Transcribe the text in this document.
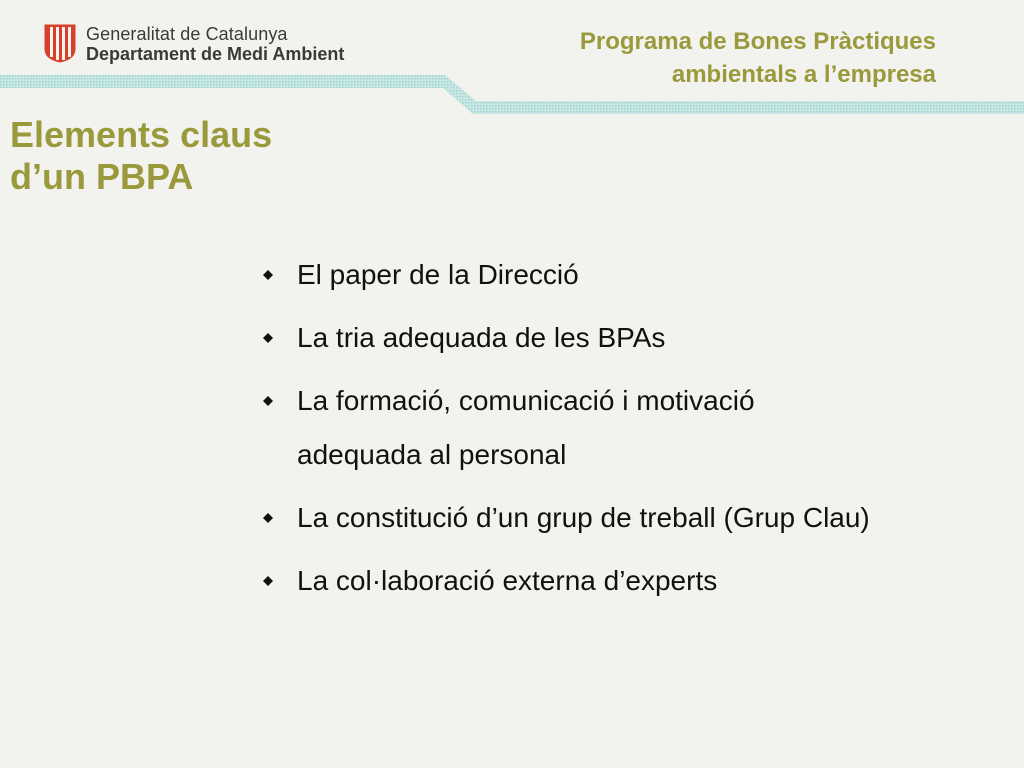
Generalitat de Catalunya
Departament de Medi Ambient	Programa de Bones Pràctiques
ambientals a l’empresa
Elements claus
d’un PBPA
El paper de la Direcció
La tria adequada de les BPAs
La formació, comunicació i motivació
adequada al personal
La constitució d’un grup de treball (Grup Clau)
La col·laboració externa d’experts
